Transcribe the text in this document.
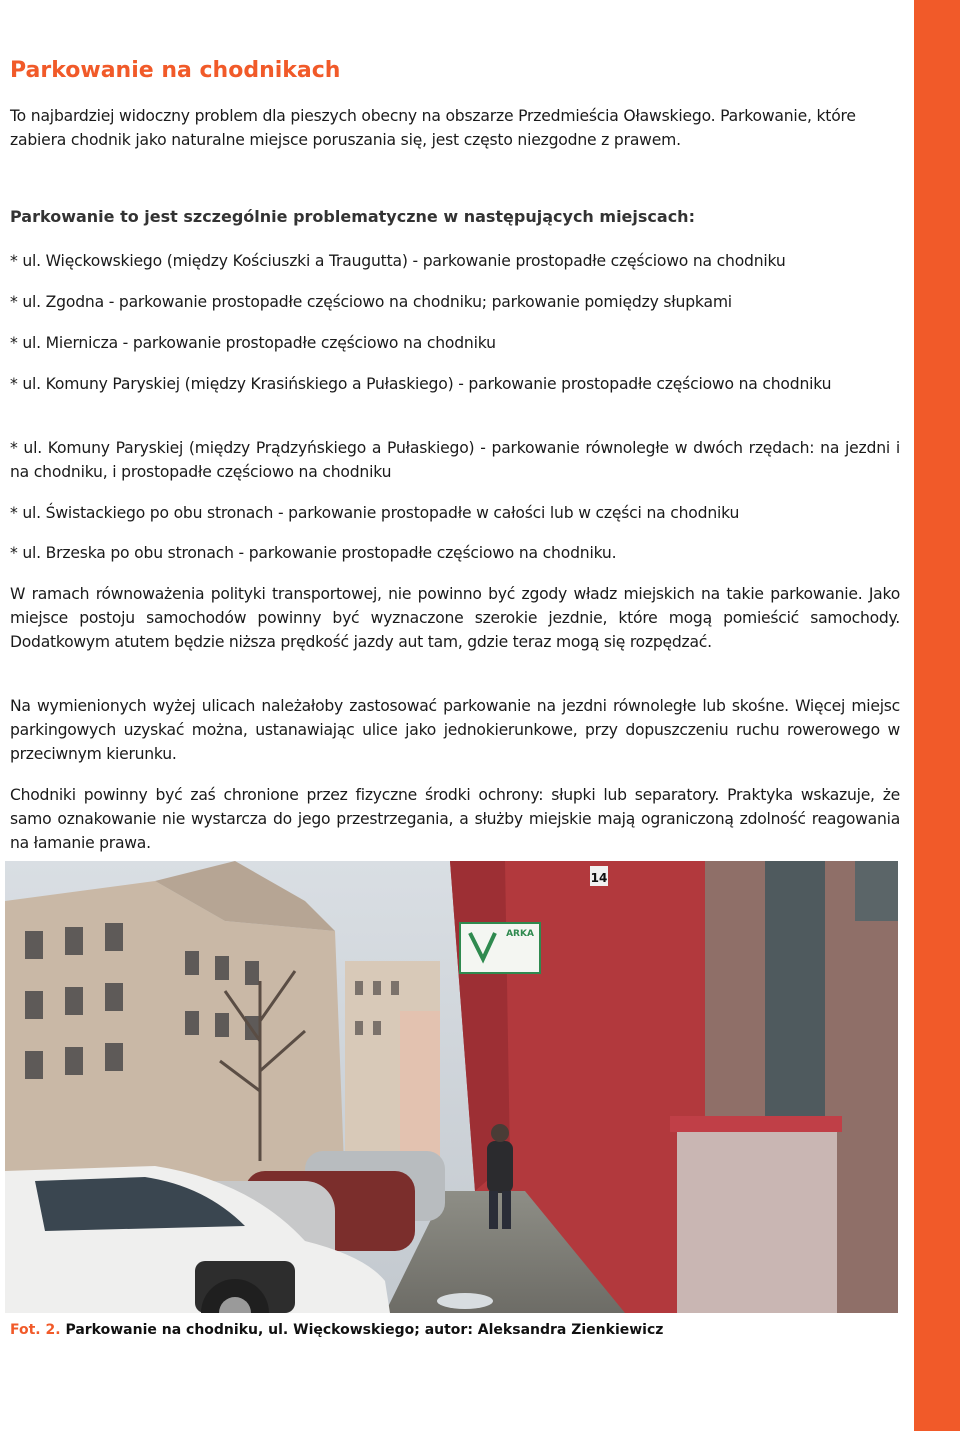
Parkowanie na chodnikach

To najbardziej widoczny problem dla pieszych obecny na obszarze Przedmieścia Oławskiego. Parkowanie, które zabiera chodnik jako naturalne miejsce poruszania się, jest często niezgodne z prawem.

Parkowanie to jest szczególnie problematyczne w następujących miejscach:

* ul. Więckowskiego (między Kościuszki a Traugutta) - parkowanie prostopadłe częściowo na chodniku

* ul. Zgodna - parkowanie prostopadłe częściowo na chodniku; parkowanie pomiędzy słupkami

* ul. Miernicza - parkowanie prostopadłe częściowo na chodniku

* ul. Komuny Paryskiej (między Krasińskiego a Pułaskiego) - parkowanie prostopadłe częściowo na chodniku

* ul. Komuny Paryskiej (między Prądzyńskiego a Pułaskiego) - parkowanie równoległe w dwóch rzędach: na jezdni i na chodniku, i prostopadłe częściowo na chodniku

* ul. Świstackiego po obu stronach - parkowanie prostopadłe w całości lub w części na chodniku

* ul. Brzeska po obu stronach - parkowanie prostopadłe częściowo na chodniku.

W ramach równoważenia polityki transportowej, nie powinno być zgody władz miejskich na takie parkowanie. Jako miejsce postoju samochodów powinny być wyznaczone szerokie jezdnie, które mogą pomieścić samochody. Dodatkowym atutem będzie niższa prędkość jazdy aut tam, gdzie teraz mogą się rozpędzać.

Na wymienionych wyżej ulicach należałoby zastosować parkowanie na jezdni równoległe lub skośne. Więcej miejsc parkingowych uzyskać można, ustanawiając ulice jako jednokierunkowe, przy dopuszczeniu ruchu rowerowego w przeciwnym kierunku.

Chodniki powinny być zaś chronione przez fizyczne środki ochrony: słupki lub separatory. Praktyka wskazuje, że samo oznakowanie nie wystarcza do jego przestrzegania, a służby miejskie mają ograniczoną zdolność reagowania na łamanie prawa.

Fot. 2. Parkowanie na chodniku, ul. Więckowskiego; autor: Aleksandra Zienkiewicz

14
ARKA
